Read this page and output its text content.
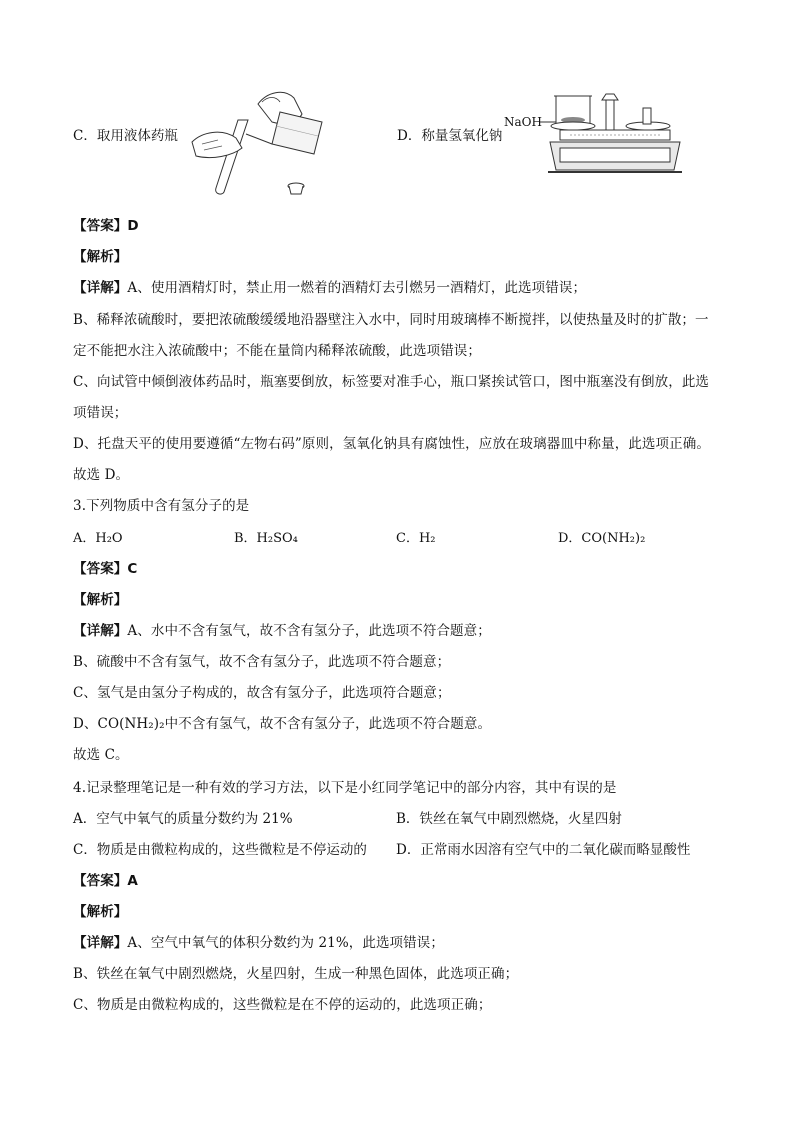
C．取用液体药瓶	D．称量氢氧化钠
NaOH
【答案】D
【解析】
【详解】A、使用酒精灯时，禁止用一燃着的酒精灯去引燃另一酒精灯，此选项错误；
B、稀释浓硫酸时，要把浓硫酸缓缓地沿器壁注入水中，同时用玻璃棒不断搅拌，以使热量及时的扩散；一
定不能把水注入浓硫酸中；不能在量筒内稀释浓硫酸，此选项错误；
C、向试管中倾倒液体药品时，瓶塞要倒放，标签要对准手心，瓶口紧挨试管口，图中瓶塞没有倒放，此选
项错误；
D、托盘天平的使用要遵循“左物右码”原则，氢氧化钠具有腐蚀性，应放在玻璃器皿中称量，此选项正确。
故选 D。
3.下列物质中含有氢分子的是
A．H₂O	B．H₂SO₄	C．H₂	D．CO(NH₂)₂
【答案】C
【解析】
【详解】A、水中不含有氢气，故不含有氢分子，此选项不符合题意；
B、硫酸中不含有氢气，故不含有氢分子，此选项不符合题意；
C、氢气是由氢分子构成的，故含有氢分子，此选项符合题意；
D、CO(NH₂)₂中不含有氢气，故不含有氢分子，此选项不符合题意。
故选 C。
4.记录整理笔记是一种有效的学习方法，以下是小红同学笔记中的部分内容，其中有误的是
A．空气中氧气的质量分数约为 21%	B．铁丝在氧气中剧烈燃烧，火星四射
C．物质是由微粒构成的，这些微粒是不停运动的 D．正常雨水因溶有空气中的二氧化碳而略显酸性
【答案】A
【解析】
【详解】A、空气中氧气的体积分数约为 21%，此选项错误；
B、铁丝在氧气中剧烈燃烧，火星四射，生成一种黑色固体，此选项正确；
C、物质是由微粒构成的，这些微粒是在不停的运动的，此选项正确；
